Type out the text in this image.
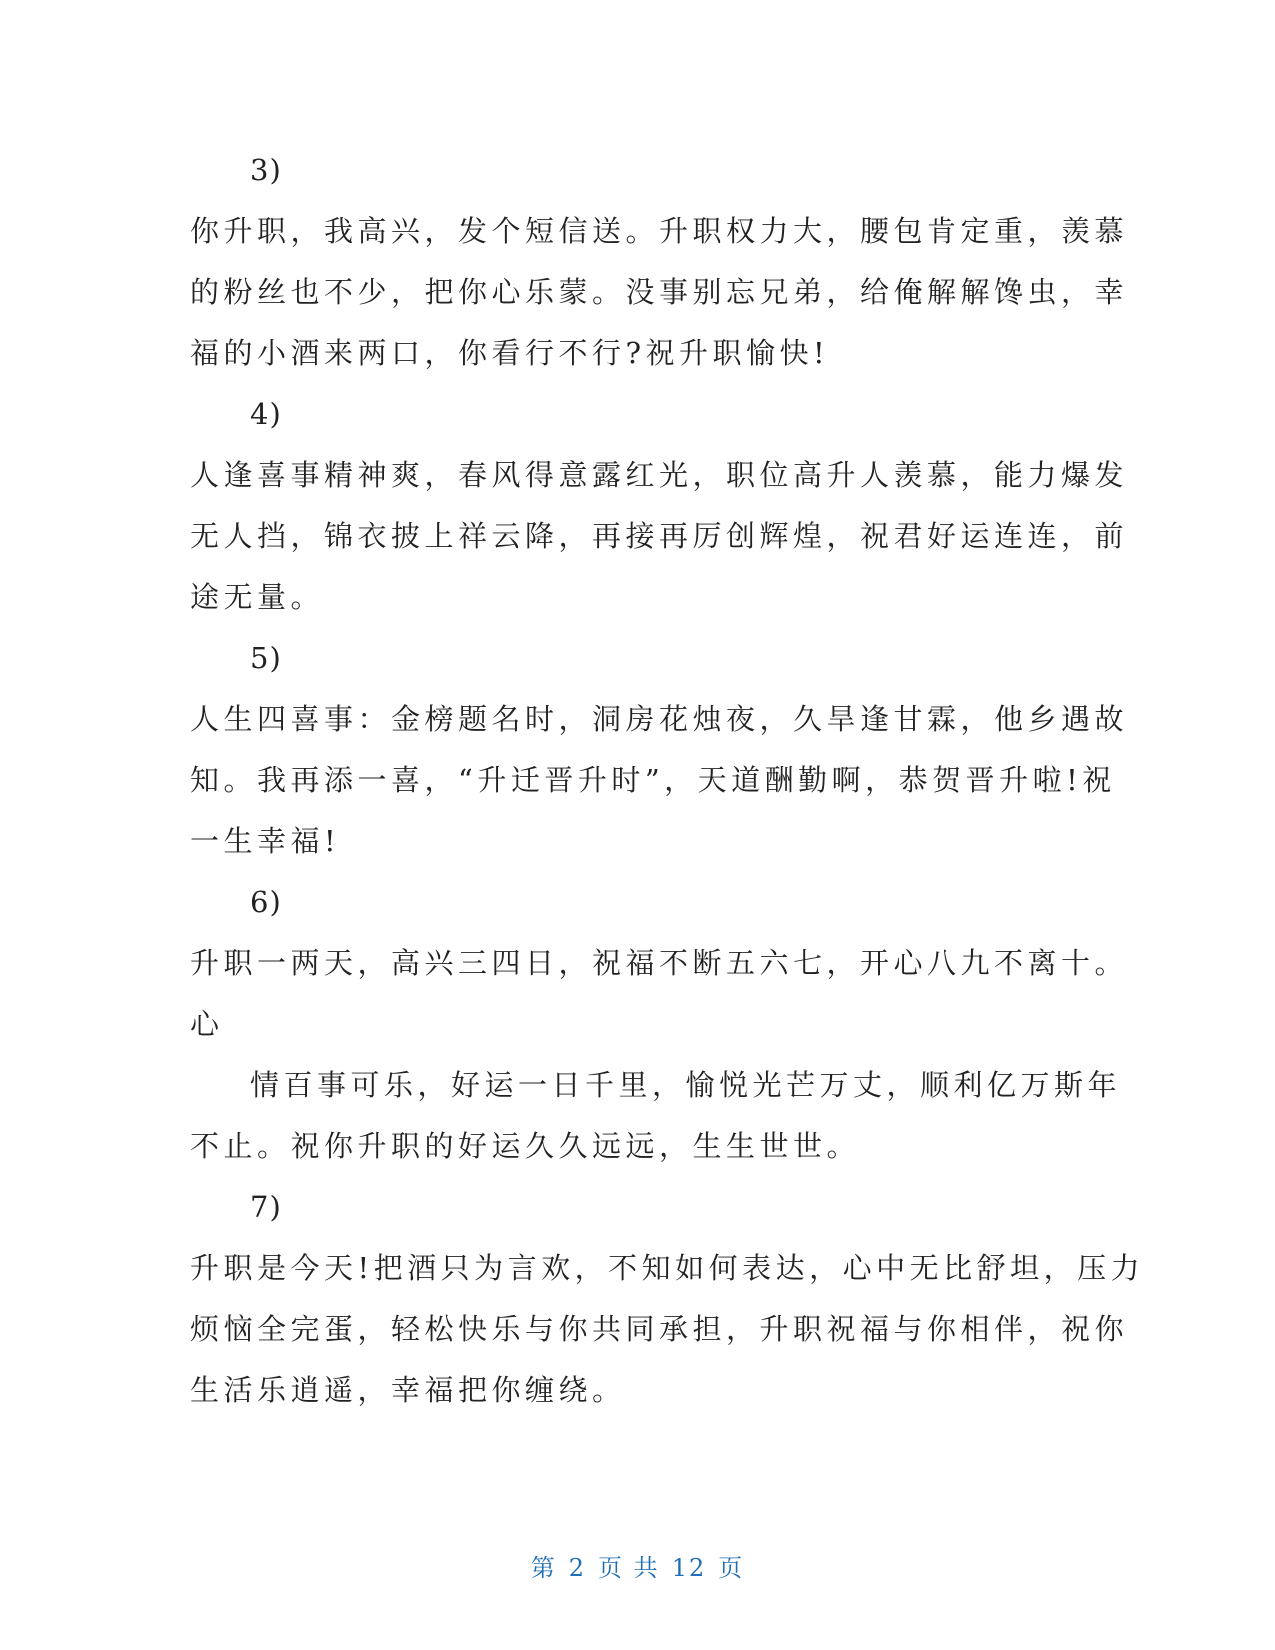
3)
你升职，我高兴，发个短信送。升职权力大，腰包肯定重，羡慕
的粉丝也不少，把你心乐蒙。没事别忘兄弟，给俺解解馋虫，幸
福的小酒来两口，你看行不行?祝升职愉快!
4)
人逢喜事精神爽，春风得意露红光，职位高升人羡慕，能力爆发
无人挡，锦衣披上祥云降，再接再厉创辉煌，祝君好运连连，前
途无量。
5)
人生四喜事：金榜题名时，洞房花烛夜，久旱逢甘霖，他乡遇故
知。我再添一喜，“升迁晋升时”，天道酬勤啊，恭贺晋升啦!祝
一生幸福!
6)
升职一两天，高兴三四日，祝福不断五六七，开心八九不离十。
心
情百事可乐，好运一日千里，愉悦光芒万丈，顺利亿万斯年
不止。祝你升职的好运久久远远，生生世世。
7)
升职是今天!把酒只为言欢，不知如何表达，心中无比舒坦，压力
烦恼全完蛋，轻松快乐与你共同承担，升职祝福与你相伴，祝你
生活乐逍遥，幸福把你缠绕。
第 2 页 共 12 页
